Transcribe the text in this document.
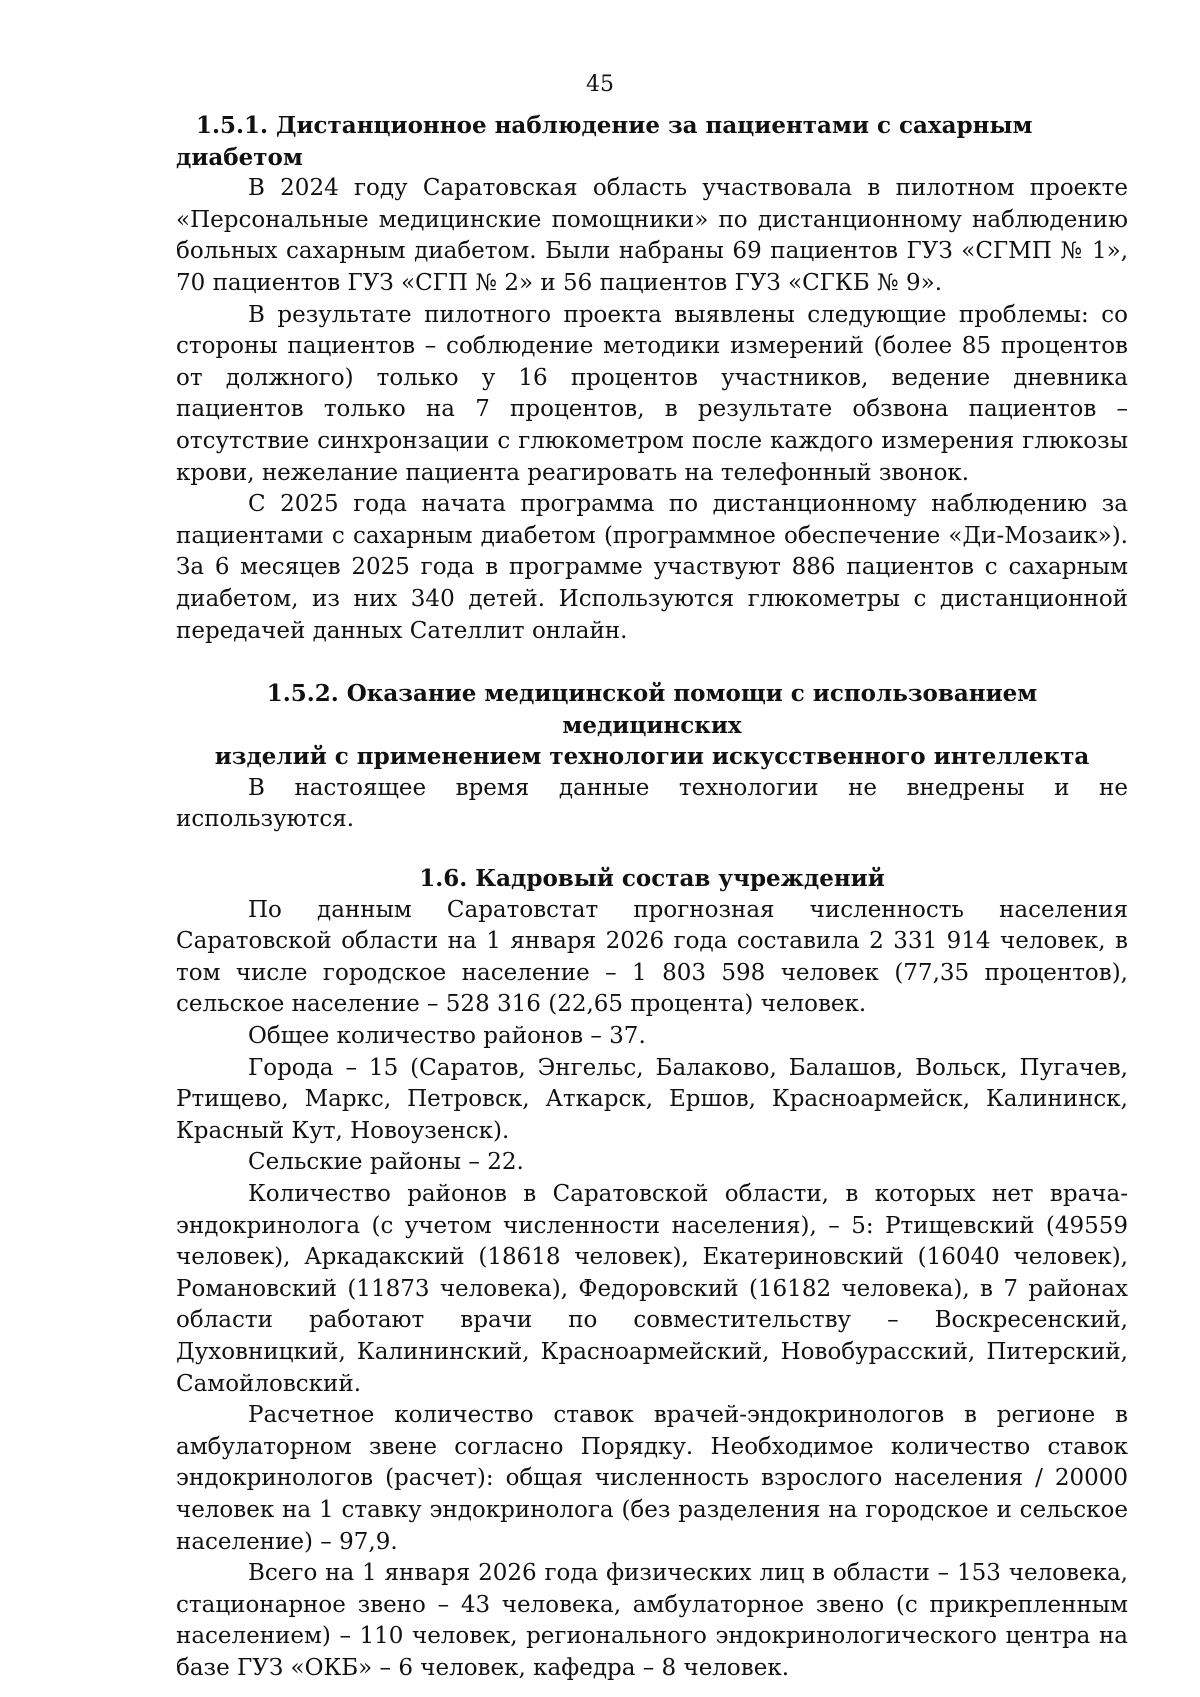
45
1.5.1. Дистанционное наблюдение за пациентами с сахарным диабетом

В 2024 году Саратовская область участвовала в пилотном проекте «Персональные медицинские помощники» по дистанционному наблюдению больных сахарным диабетом. Были набраны 69 пациентов ГУЗ «СГМП № 1», 70 пациентов ГУЗ «СГП № 2» и 56 пациентов ГУЗ «СГКБ № 9».

В результате пилотного проекта выявлены следующие проблемы: со стороны пациентов – соблюдение методики измерений (более 85 процентов от должного) только у 16 процентов участников, ведение дневника пациентов только на 7 процентов, в результате обзвона пациентов – отсутствие синхронзации с глюкометром после каждого измерения глюкозы крови, нежелание пациента реагировать на телефонный звонок.

С 2025 года начата программа по дистанционному наблюдению за пациентами с сахарным диабетом (программное обеспечение «Ди-Мозаик»). За 6 месяцев 2025 года в программе участвуют 886 пациентов с сахарным диабетом, из них 340 детей. Используются глюкометры с дистанционной передачей данных Сателлит онлайн.

1.5.2. Оказание медицинской помощи с использованием медицинских
изделий с применением технологии искусственного интеллекта

В настоящее время данные технологии не внедрены и не используются.

1.6. Кадровый состав учреждений

По данным Саратовстат прогнозная численность населения Саратовской области на 1 января 2026 года составила 2 331 914 человек, в том числе городское население – 1 803 598 человек (77,35 процентов), сельское население – 528 316 (22,65 процента) человек.

Общее количество районов – 37.

Города – 15 (Саратов, Энгельс, Балаково, Балашов, Вольск, Пугачев, Ртищево, Маркс, Петровск, Аткарск, Ершов, Красноармейск, Калининск, Красный Кут, Новоузенск).

Сельские районы – 22.

Количество районов в Саратовской области, в которых нет врача-эндокринолога (с учетом численности населения), – 5: Ртищевский (49559 человек), Аркадакский (18618 человек), Екатериновский (16040 человек), Романовский (11873 человека), Федоровский (16182 человека), в 7 районах области работают врачи по совместительству – Воскресенский, Духовницкий, Калининский, Красноармейский, Новобурасский, Питерский, Самойловский.

Расчетное количество ставок врачей-эндокринологов в регионе в амбулаторном звене согласно Порядку. Необходимое количество ставок эндокринологов (расчет): общая численность взрослого населения / 20000 человек на 1 ставку эндокринолога (без разделения на городское и сельское население) – 97,9.

Всего на 1 января 2026 года физических лиц в области – 153 человека, стационарное звено – 43 человека, амбулаторное звено (с прикрепленным населением) – 110 человек, регионального эндокринологического центра на базе ГУЗ «ОКБ» – 6 человек, кафедра – 8 человек.
